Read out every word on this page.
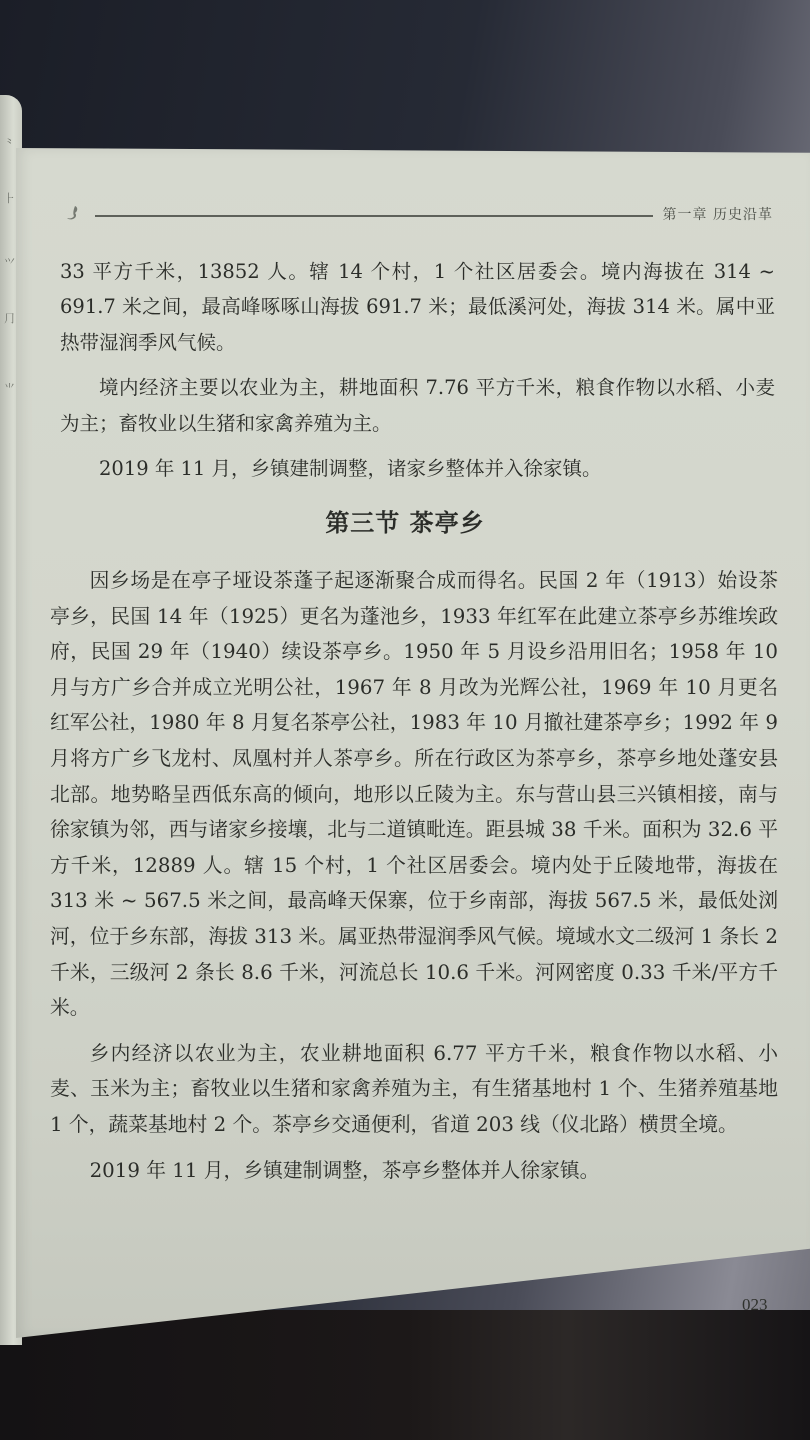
⺀
⺊
⺍
⺆
⺌
第一章 历史沿革

33 平方千米，13852 人。辖 14 个村，1 个社区居委会。境内海拔在 314 ~ 691.7 米之间，最高峰啄啄山海拔 691.7 米；最低溪河处，海拔 314 米。属中亚热带湿润季风气候。

境内经济主要以农业为主，耕地面积 7.76 平方千米，粮食作物以水稻、小麦为主；畜牧业以生猪和家禽养殖为主。

2019 年 11 月，乡镇建制调整，诸家乡整体并入徐家镇。

第三节 茶亭乡

因乡场是在亭子垭设茶蓬子起逐渐聚合成而得名。民国 2 年（1913）始设茶亭乡，民国 14 年（1925）更名为蓬池乡，1933 年红军在此建立茶亭乡苏维埃政府，民国 29 年（1940）续设茶亭乡。1950 年 5 月设乡沿用旧名；1958 年 10 月与方广乡合并成立光明公社，1967 年 8 月改为光辉公社，1969 年 10 月更名红军公社，1980 年 8 月复名茶亭公社，1983 年 10 月撤社建茶亭乡；1992 年 9 月将方广乡飞龙村、凤凰村并人茶亭乡。所在行政区为茶亭乡，茶亭乡地处蓬安县北部。地势略呈西低东高的倾向，地形以丘陵为主。东与营山县三兴镇相接，南与徐家镇为邻，西与诸家乡接壤，北与二道镇毗连。距县城 38 千米。面积为 32.6 平方千米，12889 人。辖 15 个村，1 个社区居委会。境内处于丘陵地带，海拔在 313 米 ~ 567.5 米之间，最高峰天保寨，位于乡南部，海拔 567.5 米，最低处浏河，位于乡东部，海拔 313 米。属亚热带湿润季风气候。境域水文二级河 1 条长 2 千米，三级河 2 条长 8.6 千米，河流总长 10.6 千米。河网密度 0.33 千米/平方千米。

乡内经济以农业为主，农业耕地面积 6.77 平方千米，粮食作物以水稻、小麦、玉米为主；畜牧业以生猪和家禽养殖为主，有生猪基地村 1 个、生猪养殖基地 1 个，蔬菜基地村 2 个。茶亭乡交通便利，省道 203 线（仪北路）横贯全境。

2019 年 11 月，乡镇建制调整，茶亭乡整体并人徐家镇。

023
